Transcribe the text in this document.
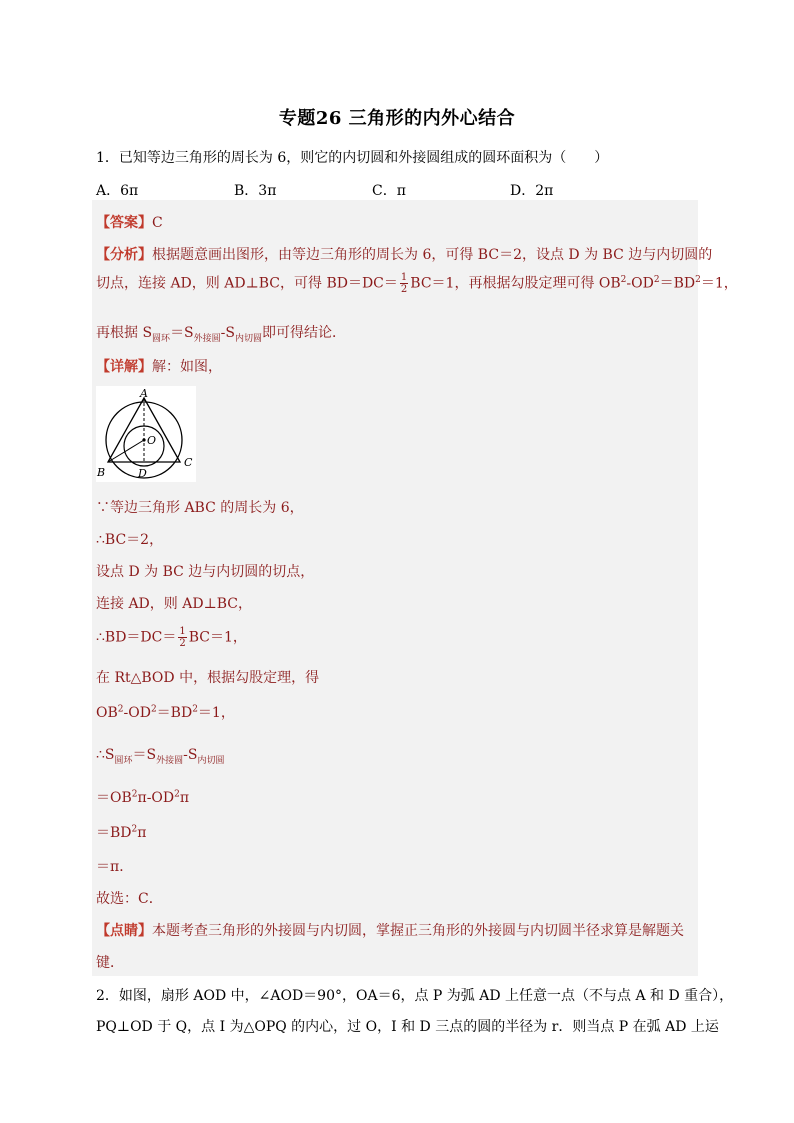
专题26 三角形的内外心结合
1．已知等边三角形的周长为 6，则它的内切圆和外接圆组成的圆环面积为（　　）
A．6π	B．3π	C．π	D．2π
【答案】C
【分析】根据题意画出图形，由等边三角形的周长为 6，可得 BC＝2，设点 D 为 BC 边与内切圆的
切点，连接 AD，则 AD⊥BC，可得 $BD=DC= \frac{1}{2} BC=1$，再根据勾股定理可得 $OB^2-OD^2=BD^2=1$，
再根据 $S_{圆环}=S_{外接圆}-S_{内切圆}$即可得结论．
【详解】解：如图，
A
O
B	D
C
∵等边三角形 ABC 的周长为 6，
∴BC＝2，
设点 D 为 BC 边与内切圆的切点，
连接 AD，则 AD⊥BC，
∴BD＝DC＝ $\frac{1}{2} BC=1$，
在 Rt△BOD 中，根据勾股定理，得
$OB^2-OD^2=BD^2=1$，
$\therefore S_{圆环}=S_{外接圆}-S_{内切圆}$
$=OB^2\pi-OD^2\pi$
$=BD^2\pi$
＝π．
故选：C．
【点睛】本题考查三角形的外接圆与内切圆，掌握正三角形的外接圆与内切圆半径求算是解题关
键．
2．如图，扇形 AOD 中，∠AOD＝90°，OA＝6，点 P 为弧 AD 上任意一点（不与点 A 和 D 重合），
PQ⊥OD 于 Q，点 I 为△OPQ 的内心，过 O，I 和 D 三点的圆的半径为 r．则当点 P 在弧 AD 上运
